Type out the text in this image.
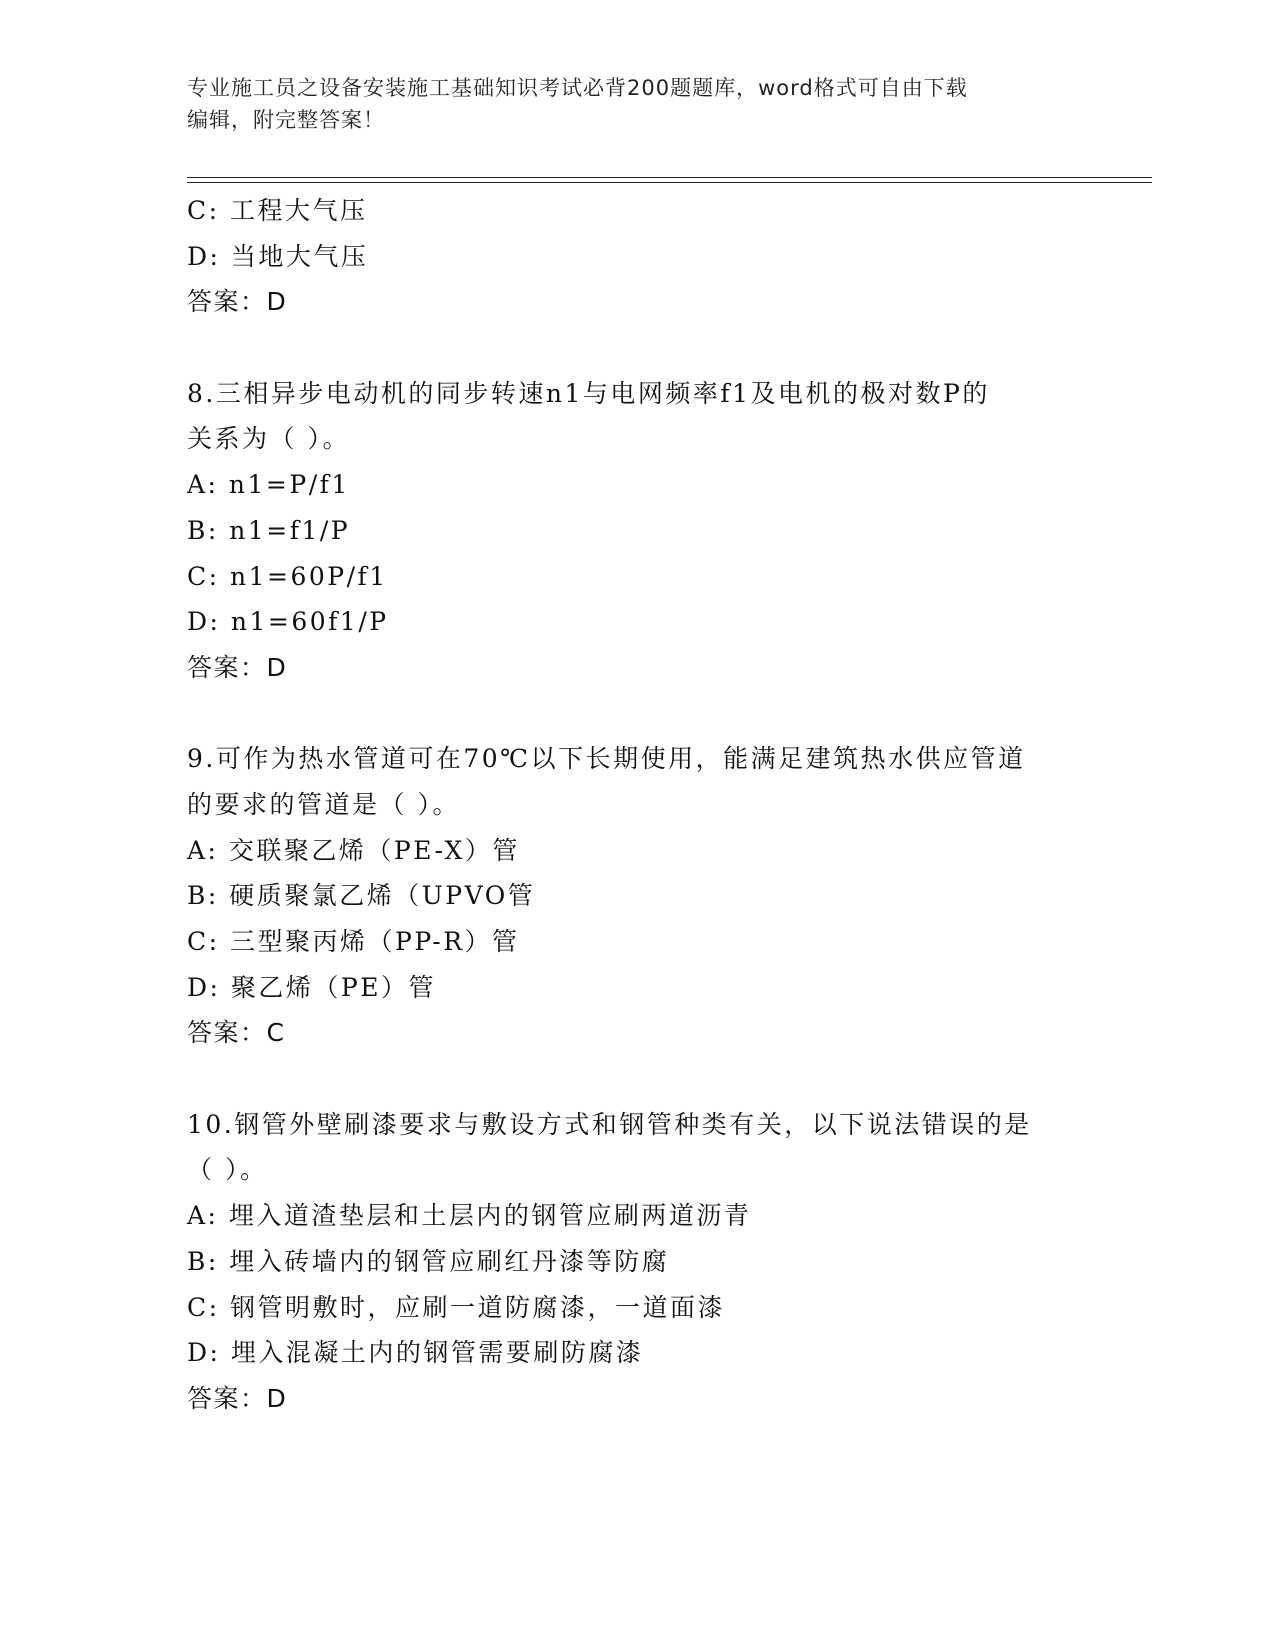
专业施工员之设备安装施工基础知识考试必背200题题库，word格式可自由下载
编辑，附完整答案！
C: 工程大气压
D: 当地大气压
答案：D
8.三相异步电动机的同步转速n1与电网频率f1及电机的极对数P的
关系为（ ）。
A: n1=P/f1
B: n1=f1/P
C: n1=60P/f1
D: n1=60f1/P
答案：D
9.可作为热水管道可在70℃以下长期使用，能满足建筑热水供应管道
的要求的管道是（ ）。
A: 交联聚乙烯（PE-X）管
B: 硬质聚氯乙烯（UPVO管
C: 三型聚丙烯（PP-R）管
D: 聚乙烯（PE）管
答案：C
10.钢管外壁刷漆要求与敷设方式和钢管种类有关，以下说法错误的是
（ ）。
A: 埋入道渣垫层和土层内的钢管应刷两道沥青
B: 埋入砖墙内的钢管应刷红丹漆等防腐
C: 钢管明敷时，应刷一道防腐漆，一道面漆
D: 埋入混凝土内的钢管需要刷防腐漆
答案：D
